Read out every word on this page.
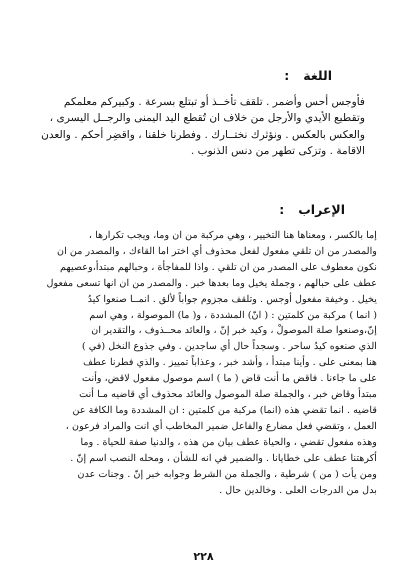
اللغة:
فأوجس أحس وأضمر . تلقف تأخــذ أو تبتلع بسرعة . وكبيركم معلمكم
وتقطيع الأيدي والأرجل من خلاف ان تُقطع اليد اليمنى والرجــل اليسرى ،
والعكس بالعكس . ونؤثرك نختــارك . وفطرنا خلقنا ، واقضِر أحكم . والعدن
الاقامة . وتزكى تطهر من دنس الذنوب .
الإعراب:
إما بالكسر ، ومعناها هنا التخيير ، وهي مركبة من ان وما، ويجب تكرارها ،
والمصدر من ان تلقي مفعول لفعل محذوف أي اختر اما القاءك ، والمصدر من ان
نكون معطوف على المصدر من ان تلقي . واذا للمفاجأة ، وحبالهم مبتدأ،وعصيهم
عطف على حبالهم ، وجملة يخيل وما بعدها خبر . والمصدر من ان انها تسعى مفعول
يخيل . وخيفة مفعول أوجس . وتلقف مجزوم جواباً لألق . انمــا صنعوا كيدُ
( انما ) مركبة من كلمتين : ( انّ) المشددة ، و( ما) الموصولة ، وهي اسم
إنّ،وصنعوا صلة الموصولْ ، وكيد خبر إنّ ، والعائد محــذوف ، والتقدير ان
الذي صنعوه كيدُ ساحر . وسجداً حال أي ساجدين . وفي جذوع النخل (في )
هنا بمعنى على . وأينا مبتدأ ، وأشد خبر ، وعذاباً تمييز . والذي فطرنا عطف
على ما جاءنا . فاقض ما أنت قاض ( ما ) اسم موصول مفعول لاقض، وأنت
مبتدأ وقاض خبر ، والجملة صلة الموصول والعائد محذوف أي قاضيه مـا أنت
قاضيه . انما تقضي هذه (انما) مركبة من كلمتين : ان المشددة وما الكافة عن
العمل ، وتقضي فعل مضارع والفاعل ضمير المخاطب أي انت والمراد فرعون ،
وهذه مفعول تقضي ، والحياة عطف بيان من هذه ، والدنيا صفة للحياة . وما
أكرهتنا عطف على خطايانا . والضمير في انه للشأن ، ومحله النصب اسم إنّ .
ومن يأت ( من ) شرطية ، والجملة من الشرط وجوابه خبر إنّ . وجنات عدن
بدل من الدرجات العلى . وخالدين حال .
٢٢٨
